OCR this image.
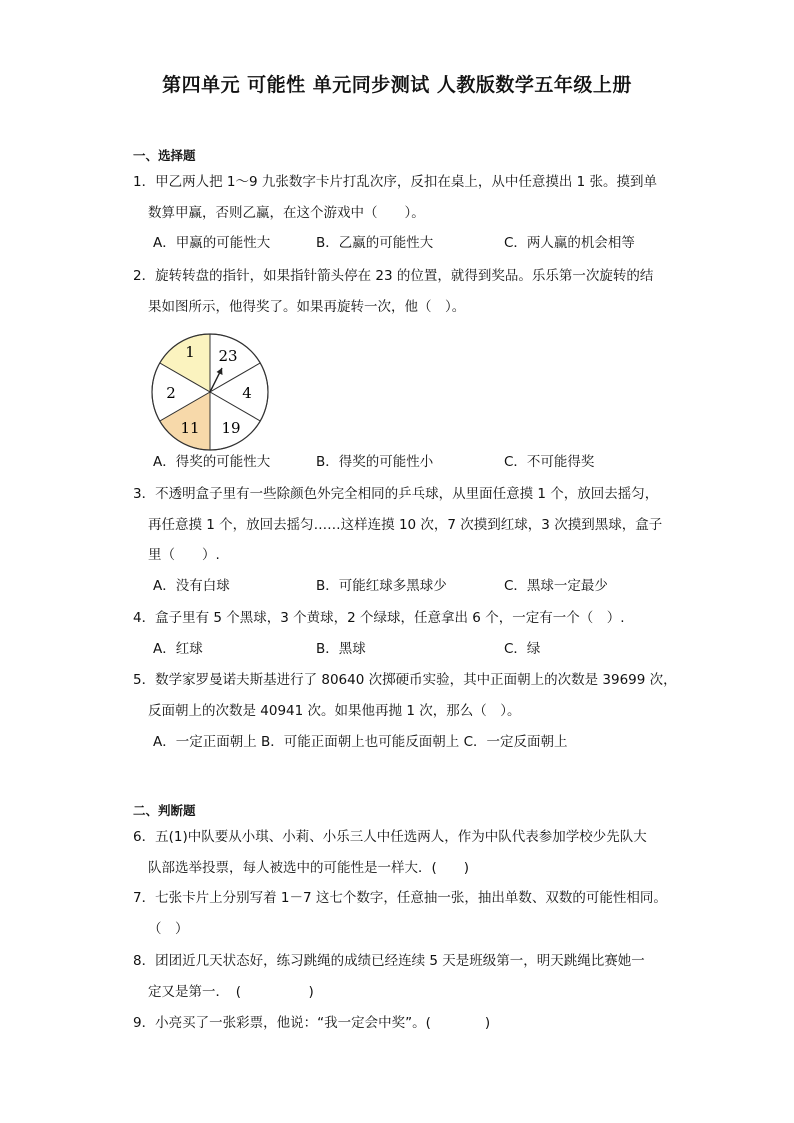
第四单元 可能性 单元同步测试 人教版数学五年级上册
一、选择题
1．甲乙两人把 1～9 九张数字卡片打乱次序，反扣在桌上，从中任意摸出 1 张。摸到单
数算甲赢，否则乙赢，在这个游戏中（　　）。
A．甲赢的可能性大	B．乙赢的可能性大	C．两人赢的机会相等
2．旋转转盘的指针，如果指针箭头停在 23 的位置，就得到奖品。乐乐第一次旋转的结
果如图所示，他得奖了。如果再旋转一次，他（　）。
1 23
4
19
11
2
A．得奖的可能性大	B．得奖的可能性小	C．不可能得奖
3．不透明盒子里有一些除颜色外完全相同的乒乓球，从里面任意摸 1 个，放回去摇匀，
再任意摸 1 个，放回去摇匀……这样连摸 10 次，7 次摸到红球，3 次摸到黑球，盒子
里（　　）.
A．没有白球	B．可能红球多黑球少	C．黑球一定最少
4．盒子里有 5 个黑球，3 个黄球，2 个绿球，任意拿出 6 个，一定有一个（　）.
A．红球	B．黑球	C．绿
5．数学家罗曼诺夫斯基进行了 80640 次掷硬币实验，其中正面朝上的次数是 39699 次，
反面朝上的次数是 40941 次。如果他再抛 1 次，那么（　）。
A．一定正面朝上 B．可能正面朝上也可能反面朝上 C．一定反面朝上
二、判断题
6．五(1)中队要从小琪、小莉、小乐三人中任选两人，作为中队代表参加学校少先队大
队部选举投票，每人被选中的可能性是一样大．(　　)
7．七张卡片上分别写着 1－7 这七个数字，任意抽一张，抽出单数、双数的可能性相同。
（　）
8．团团近几天状态好，练习跳绳的成绩已经连续 5 天是班级第一，明天跳绳比赛她一
定又是第一．　(　　　　　)
9．小亮买了一张彩票，他说：“我一定会中奖”。(　　　　)
